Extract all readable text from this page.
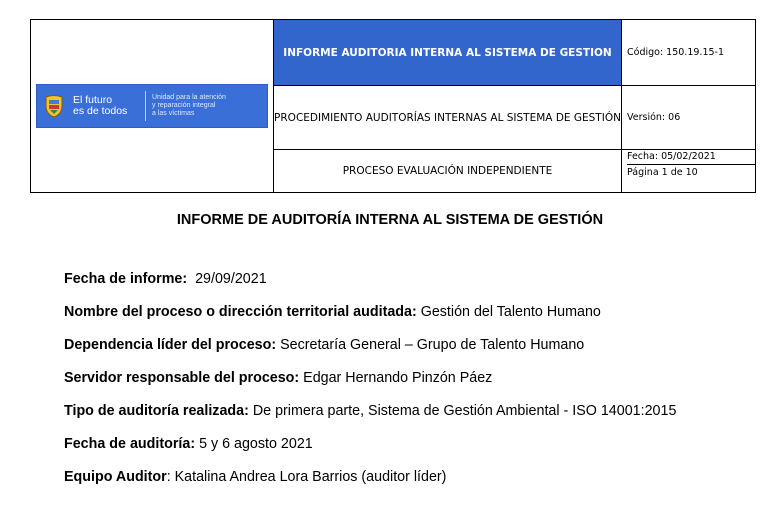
El futuro
es de todos
Unidad para la atención
y reparación integral
a las víctimas	INFORME AUDITORIA INTERNA AL SISTEMA DE GESTION	Código: 150.19.15-1
	PROCEDIMIENTO AUDITORÍAS INTERNAS AL SISTEMA DE GESTIÓN	Versión: 06
	PROCESO EVALUACIÓN INDEPENDIENTE	Fecha: 05/02/2021
Página 1 de 10
INFORME DE AUDITORÍA INTERNA AL SISTEMA DE GESTIÓN
Fecha de informe:  29/09/2021
Nombre del proceso o dirección territorial auditada: Gestión del Talento Humano
Dependencia líder del proceso: Secretaría General – Grupo de Talento Humano
Servidor responsable del proceso: Edgar Hernando Pinzón Páez
Tipo de auditoría realizada: De primera parte, Sistema de Gestión Ambiental - ISO 14001:2015
Fecha de auditoría: 5 y 6 agosto 2021
Equipo Auditor: Katalina Andrea Lora Barrios (auditor líder)
